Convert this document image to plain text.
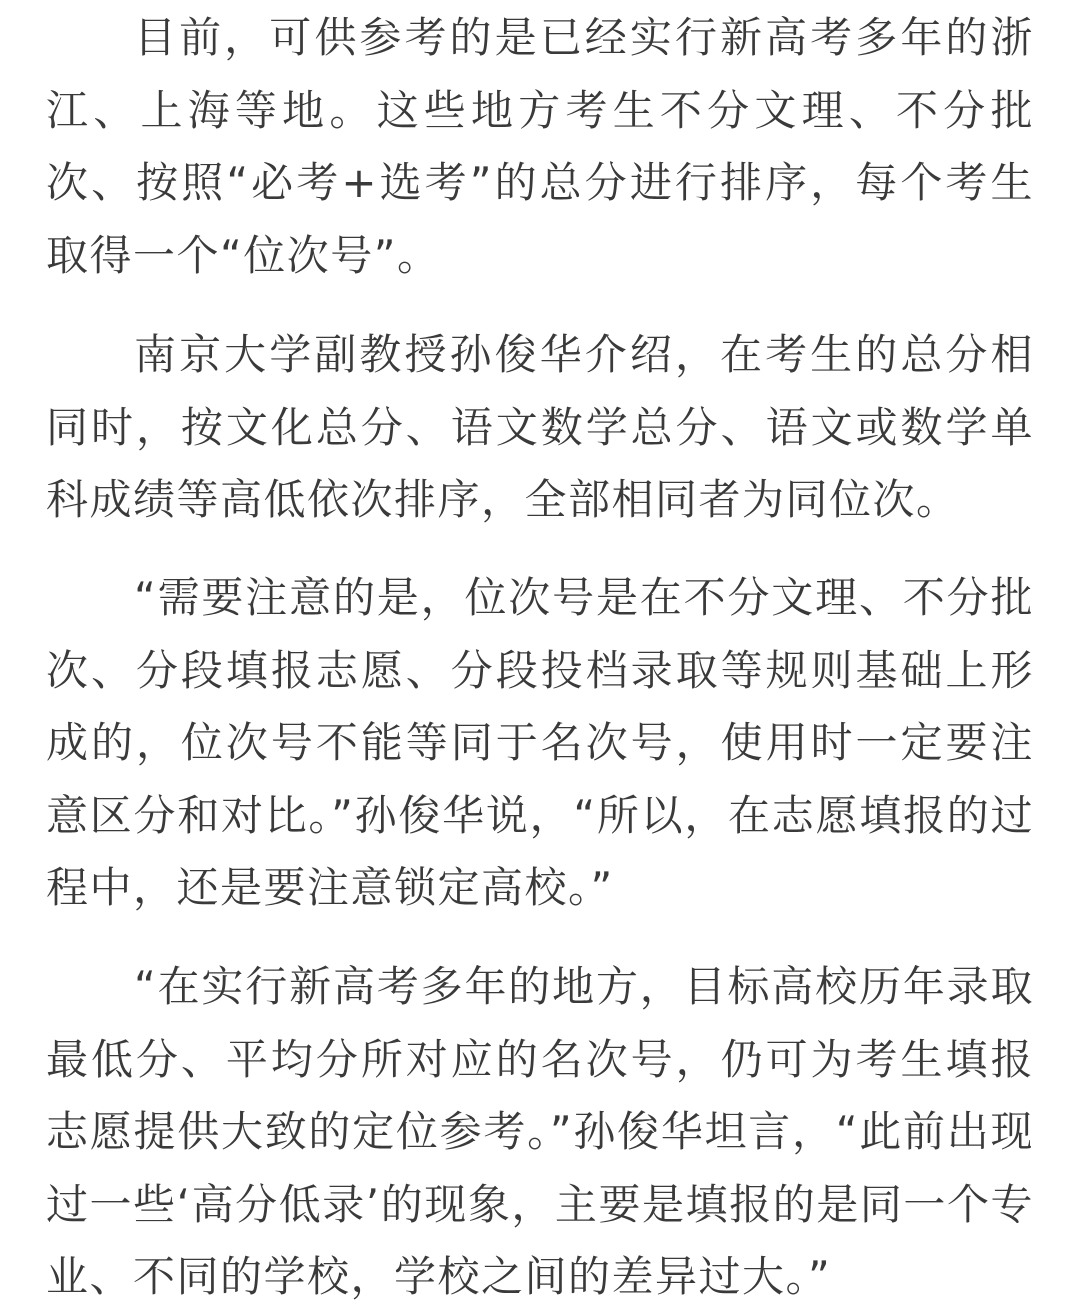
目前，可供参考的是已经实行新高考多年的浙江、上海等地。这些地方考生不分文理、不分批次、按照“必考+选考”的总分进行排序，每个考生取得一个“位次号”。

南京大学副教授孙俊华介绍，在考生的总分相同时，按文化总分、语文数学总分、语文或数学单科成绩等高低依次排序，全部相同者为同位次。

“需要注意的是，位次号是在不分文理、不分批次、分段填报志愿、分段投档录取等规则基础上形成的，位次号不能等同于名次号，使用时一定要注意区分和对比。”孙俊华说，“所以，在志愿填报的过程中，还是要注意锁定高校。”

“在实行新高考多年的地方，目标高校历年录取最低分、平均分所对应的名次号，仍可为考生填报志愿提供大致的定位参考。”孙俊华坦言，“此前出现过一些‘高分低录’的现象，主要是填报的是同一个专业、不同的学校，学校之间的差异过大。”
